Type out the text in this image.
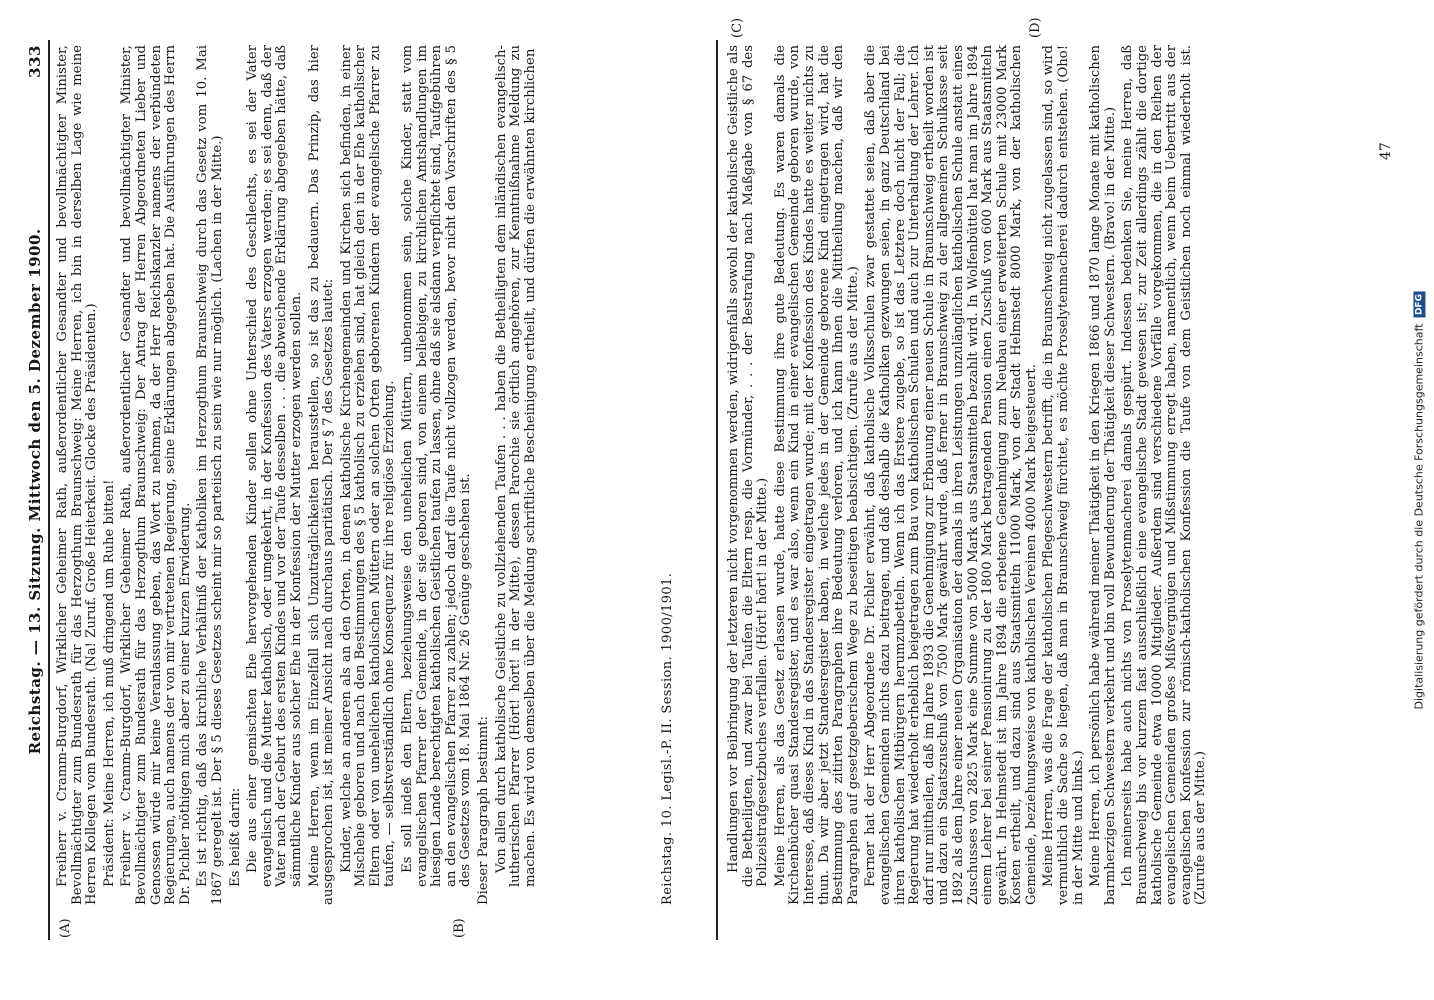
Reichstag. — 13. Sitzung. Mittwoch den 5. Dezember 1900.
333
(A)	(B)

Freiherr v. Cramm-Burgdorf, Wirklicher Geheimer Rath, außerordentlicher Gesandter und bevollmächtigter Minister, Bevollmächtigter zum Bundesrath für das Herzogthum Braunschweig: Meine Herren, ich bin in derselben Lage wie meine Herren Kollegen vom Bundesrath. (Na! Zuruf. Große Heiterkeit. Glocke des Präsidenten.) Präsident: Meine Herren, ich muß dringend um Ruhe bitten! Freiherr v. Cramm-Burgdorf, Wirklicher Geheimer Rath, außerordentlicher Gesandter und bevollmächtigter Minister, Bevollmächtigter zum Bundesrath für das Herzogthum Braunschweig: Der Antrag der Herren Abgeordneten Lieber und Genossen würde mir keine Veranlassung geben, das Wort zu nehmen, da der Herr Reichskanzler namens der verbündeten Regierungen, auch namens der von mir vertretenen Regierung, seine Erklärungen abgegeben hat. Die Ausführungen des Herrn Dr. Pichler nöthigen mich aber zu einer kurzen Erwiderung. Es ist richtig, daß das kirchliche Verhältniß der Katholiken im Herzogthum Braunschweig durch das Gesetz vom 10. Mai 1867 geregelt ist. Der § 5 dieses Gesetzes scheint mir so parteiisch zu sein wie nur möglich. (Lachen in der Mitte.) Es heißt darin: Die aus einer gemischten Ehe hervorgehenden Kinder sollen ohne Unterschied des Geschlechts, es sei der Vater evangelisch und die Mutter katholisch, oder umgekehrt, in der Konfession des Vaters erzogen werden; es sei denn, daß der Vater nach der Geburt des ersten Kindes und vor der Taufe desselben . . . die abweichende Erklärung abgegeben hätte, daß sämmtliche Kinder aus solcher Ehe in der Konfession der Mutter erzogen werden sollen. Meine Herren, wenn im Einzelfall sich Unzuträglichkeiten herausstellen, so ist das zu bedauern. Das Prinzip, das hier ausgesprochen ist, ist meiner Ansicht nach durchaus paritätisch. Der § 7 des Gesetzes lautet: Kinder, welche an anderen als an den Orten, in denen katholische Kirchengemeinden und Kirchen sich befinden, in einer Mischehe geboren und nach den Bestimmungen des § 5 katholisch zu erziehen sind, hat gleich den in der Ehe katholischer Eltern oder von unehelichen katholischen Müttern oder an solchen Orten geborenen Kindern der evangelische Pfarrer zu taufen, — selbstverständlich ohne Konsequenz für ihre religiöse Erziehung. Es soll indeß den Eltern, beziehungsweise den unehelichen Müttern, unbenommen sein, solche Kinder, statt vom evangelischen Pfarrer der Gemeinde, in der sie geboren sind, von einem beliebigen, zu kirchlichen Amtshandlungen im hiesigen Lande berechtigten katholischen Geistlichen taufen zu lassen, ohne daß sie alsdann verpflichtet sind, Taufgebühren an den evangelischen Pfarrer zu zahlen; jedoch darf die Taufe nicht vollzogen werden, bevor nicht den Vorschriften des § 5 des Gesetzes vom 18. Mai 1864 Nr. 26 Genüge geschehen ist. Dieser Paragraph bestimmt: Von allen durch katholische Geistliche zu vollziehenden Taufen . . . haben die Betheiligten dem inländischen evangelisch-lutherischen Pfarrer (Hört! hört! in der Mitte), dessen Parochie sie örtlich angehören, zur Kenntnißnahme Meldung zu machen. Es wird von demselben über die Meldung schriftliche Bescheinigung ertheilt, und dürfen die erwähnten kirchlichen	Reichstag. 10. Legisl.-P. II. Session. 1900/1901.
(C)	(D)

Handlungen vor Beibringung der letzteren nicht vorgenommen werden, widrigenfalls sowohl der katholische Geistliche als die Betheiligten, und zwar bei Taufen die Eltern resp. die Vormünder, . . . der Bestrafung nach Maßgabe von § 67 des Polizeistrafgesetzbuches verfallen. (Hört! hört! in der Mitte.) Meine Herren, als das Gesetz erlassen wurde, hatte diese Bestimmung ihre gute Bedeutung. Es waren damals die Kirchenbücher quasi Standesregister, und es war also, wenn ein Kind in einer evangelischen Gemeinde geboren wurde, von Interesse, daß dieses Kind in das Standesregister eingetragen wurde; mit der Konfession des Kindes hatte es weiter nichts zu thun. Da wir aber jetzt Standesregister haben, in welche jedes in der Gemeinde geborene Kind eingetragen wird, hat die Bestimmung des zitirten Paragraphen ihre Bedeutung verloren, und ich kann Ihnen die Mittheilung machen, daß wir den Paragraphen auf gesetzgeberischem Wege zu beseitigen beabsichtigen. (Zurufe aus der Mitte.) Ferner hat der Herr Abgeordnete Dr. Pichler erwähnt, daß katholische Volksschulen zwar gestattet seien, daß aber die evangelischen Gemeinden nichts dazu beitragen, und daß deshalb die Katholiken gezwungen seien, in ganz Deutschland bei ihren katholischen Mitbürgern herumzubetteln. Wenn ich das Erstere zugebe, so ist das Letztere doch nicht der Fall; die Regierung hat wiederholt erheblich beigetragen zum Bau von katholischen Schulen und auch zur Unterhaltung der Lehrer. Ich darf nur mittheilen, daß im Jahre 1893 die Genehmigung zur Erbauung einer neuen Schule in Braunschweig ertheilt worden ist und dazu ein Staatszuschuß von 7500 Mark gewährt wurde, daß ferner in Braunschweig zu der allgemeinen Schulkasse seit 1892 als dem Jahre einer neuen Organisation der damals in ihren Leistungen unzulänglichen katholischen Schule anstatt eines Zuschusses von 2825 Mark eine Summe von 5000 Mark aus Staatsmitteln bezahlt wird. In Wolfenbüttel hat man im Jahre 1894 einem Lehrer bei seiner Pensionirung zu der 1800 Mark betragenden Pension einen Zuschuß von 600 Mark aus Staatsmitteln gewährt. In Helmstedt ist im Jahre 1894 die erbetene Genehmigung zum Neubau einer erweiterten Schule mit 23000 Mark Kosten ertheilt, und dazu sind aus Staatsmitteln 11000 Mark, von der Stadt Helmstedt 8000 Mark, von der katholischen Gemeinde, beziehungsweise von katholischen Vereinen 4000 Mark beigesteuert. Meine Herren, was die Frage der katholischen Pflegeschwestern betrifft, die in Braunschweig nicht zugelassen sind, so wird vermuthlich die Sache so liegen, daß man in Braunschweig fürchtet, es möchte Proselytenmacherei dadurch entstehen. (Oho! in der Mitte und links.) Meine Herren, ich persönlich habe während meiner Thätigkeit in den Kriegen 1866 und 1870 lange Monate mit katholischen barmherzigen Schwestern verkehrt und bin voll Bewunderung der Thätigkeit dieser Schwestern. (Bravo! in der Mitte.) Ich meinerseits habe auch nichts von Proselytenmacherei damals gespürt. Indessen bedenken Sie, meine Herren, daß Braunschweig bis vor kurzem fast ausschließlich eine evangelische Stadt gewesen ist; zur Zeit allerdings zählt die dortige katholische Gemeinde etwa 10000 Mitglieder. Außerdem sind verschiedene Vorfälle vorgekommen, die in den Reihen der evangelischen Gemeinden großes Mißvergnügen und Mißstimmung erregt haben, namentlich, wenn beim Uebertritt aus der evangelischen Konfession zur römisch-katholischen Konfession die Taufe von dem Geistlichen noch einmal wiederholt ist. (Zurufe aus der Mitte.)

47
Digitalisierung gefördert durch die Deutsche Forschungsgemeinschaft
DFG
